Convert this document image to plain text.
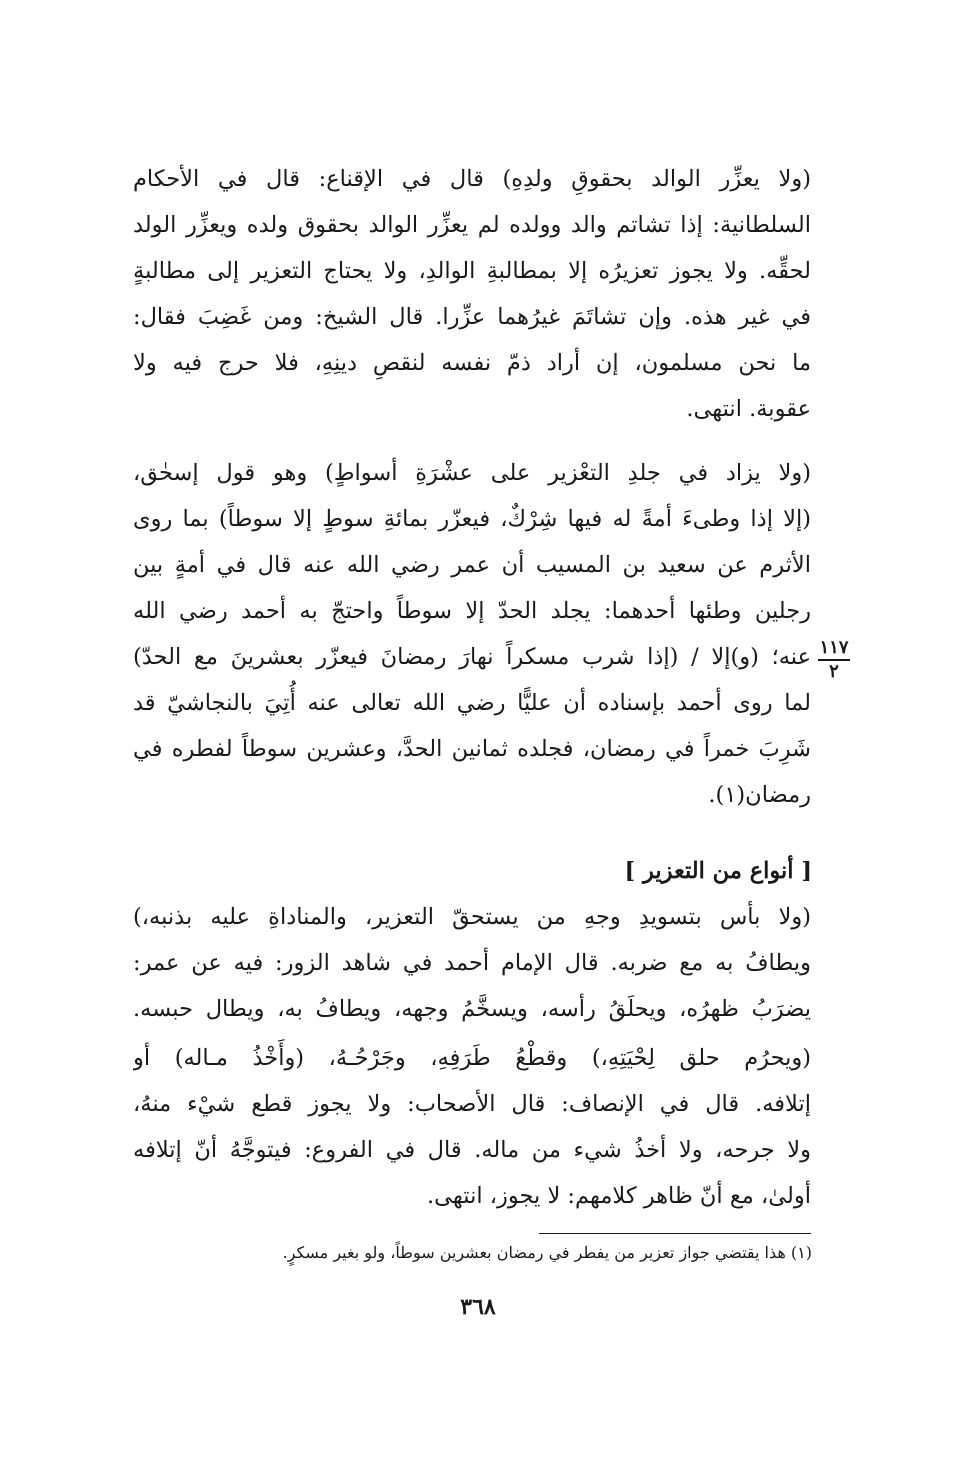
(ولا يعزِّر الوالد بحقوقِ ولدِهِ) قال في الإقناع: قال في الأحكام
السلطانية: إذا تشاتم والد وولده لم يعزِّر الوالد بحقوق ولده ويعزِّر الولد
لحقِّه. ولا يجوز تعزيرُه إلا بمطالبةِ الوالدِ، ولا يحتاج التعزير إلى مطالبةٍ
في غير هذه. وإن تشاتَمَ غيرُهما عزِّرا. قال الشيخ: ومن غَضِبَ فقال:
ما نحن مسلمون، إن أراد ذمّ نفسه لنقصِ دينِهِ، فلا حرج فيه ولا
عقوبة. انتهى.
(ولا يزاد في جلدِ التعْزير على عشْرَةِ أسواطٍ) وهو قول إسحٰق،
(إلا إذا وطىءَ أمةً له فيها شِرْكٌ، فيعزّر بمائةِ سوطٍ إلا سوطاً) بما روى
الأثرم عن سعيد بن المسيب أن عمر رضي الله عنه قال في أمةٍ بين
رجلين وطئها أحدهما: يجلد الحدّ إلا سوطاً واحتجّ به أحمد رضي الله
عنه؛ (و)إلا / (إذا شرب مسكراً نهارَ رمضانَ فيعزّر بعشرينَ مع الحدّ)
لما روى أحمد بإسناده أن عليًّا رضي الله تعالى عنه أُتِيَ بالنجاشيّ قد
شَرِبَ خمراً في رمضان، فجلده ثمانين الحدَّ، وعشرين سوطاً لفطره في
رمضان(١).
١١٧
٢
[ أنواع من التعزير ]
(ولا بأس بتسويدِ وجهِ من يستحقّ التعزير، والمناداةِ عليه بذنبه،)
ويطافُ به مع ضربه. قال الإمام أحمد في شاهد الزور: فيه عن عمر:
يضرَبُ ظهرُه، ويحلَقُ رأسه، ويسخَّمُ وجهه، ويطافُ به، ويطال حبسه.
(ويحرُم حلق لِحْيَتِهِ،) وقطْعُ طَرَفِهِ، وجَرْحُـهُ، (وأَخْذُ مـاله) أو
إتلافه. قال في الإنصاف: قال الأصحاب: ولا يجوز قطع شيْء منهُ،
ولا جرحه، ولا أخذُ شيء من ماله. قال في الفروع: فيتوجَّهُ أنّ إتلافه
أولىٰ، مع أنّ ظاهر كلامهم: لا يجوز، انتهى.
(١) هذا يقتضي جواز تعزير من يفطر في رمضان بعشرين سوطاً، ولو بغير مسكرٍ.
٣٦٨
